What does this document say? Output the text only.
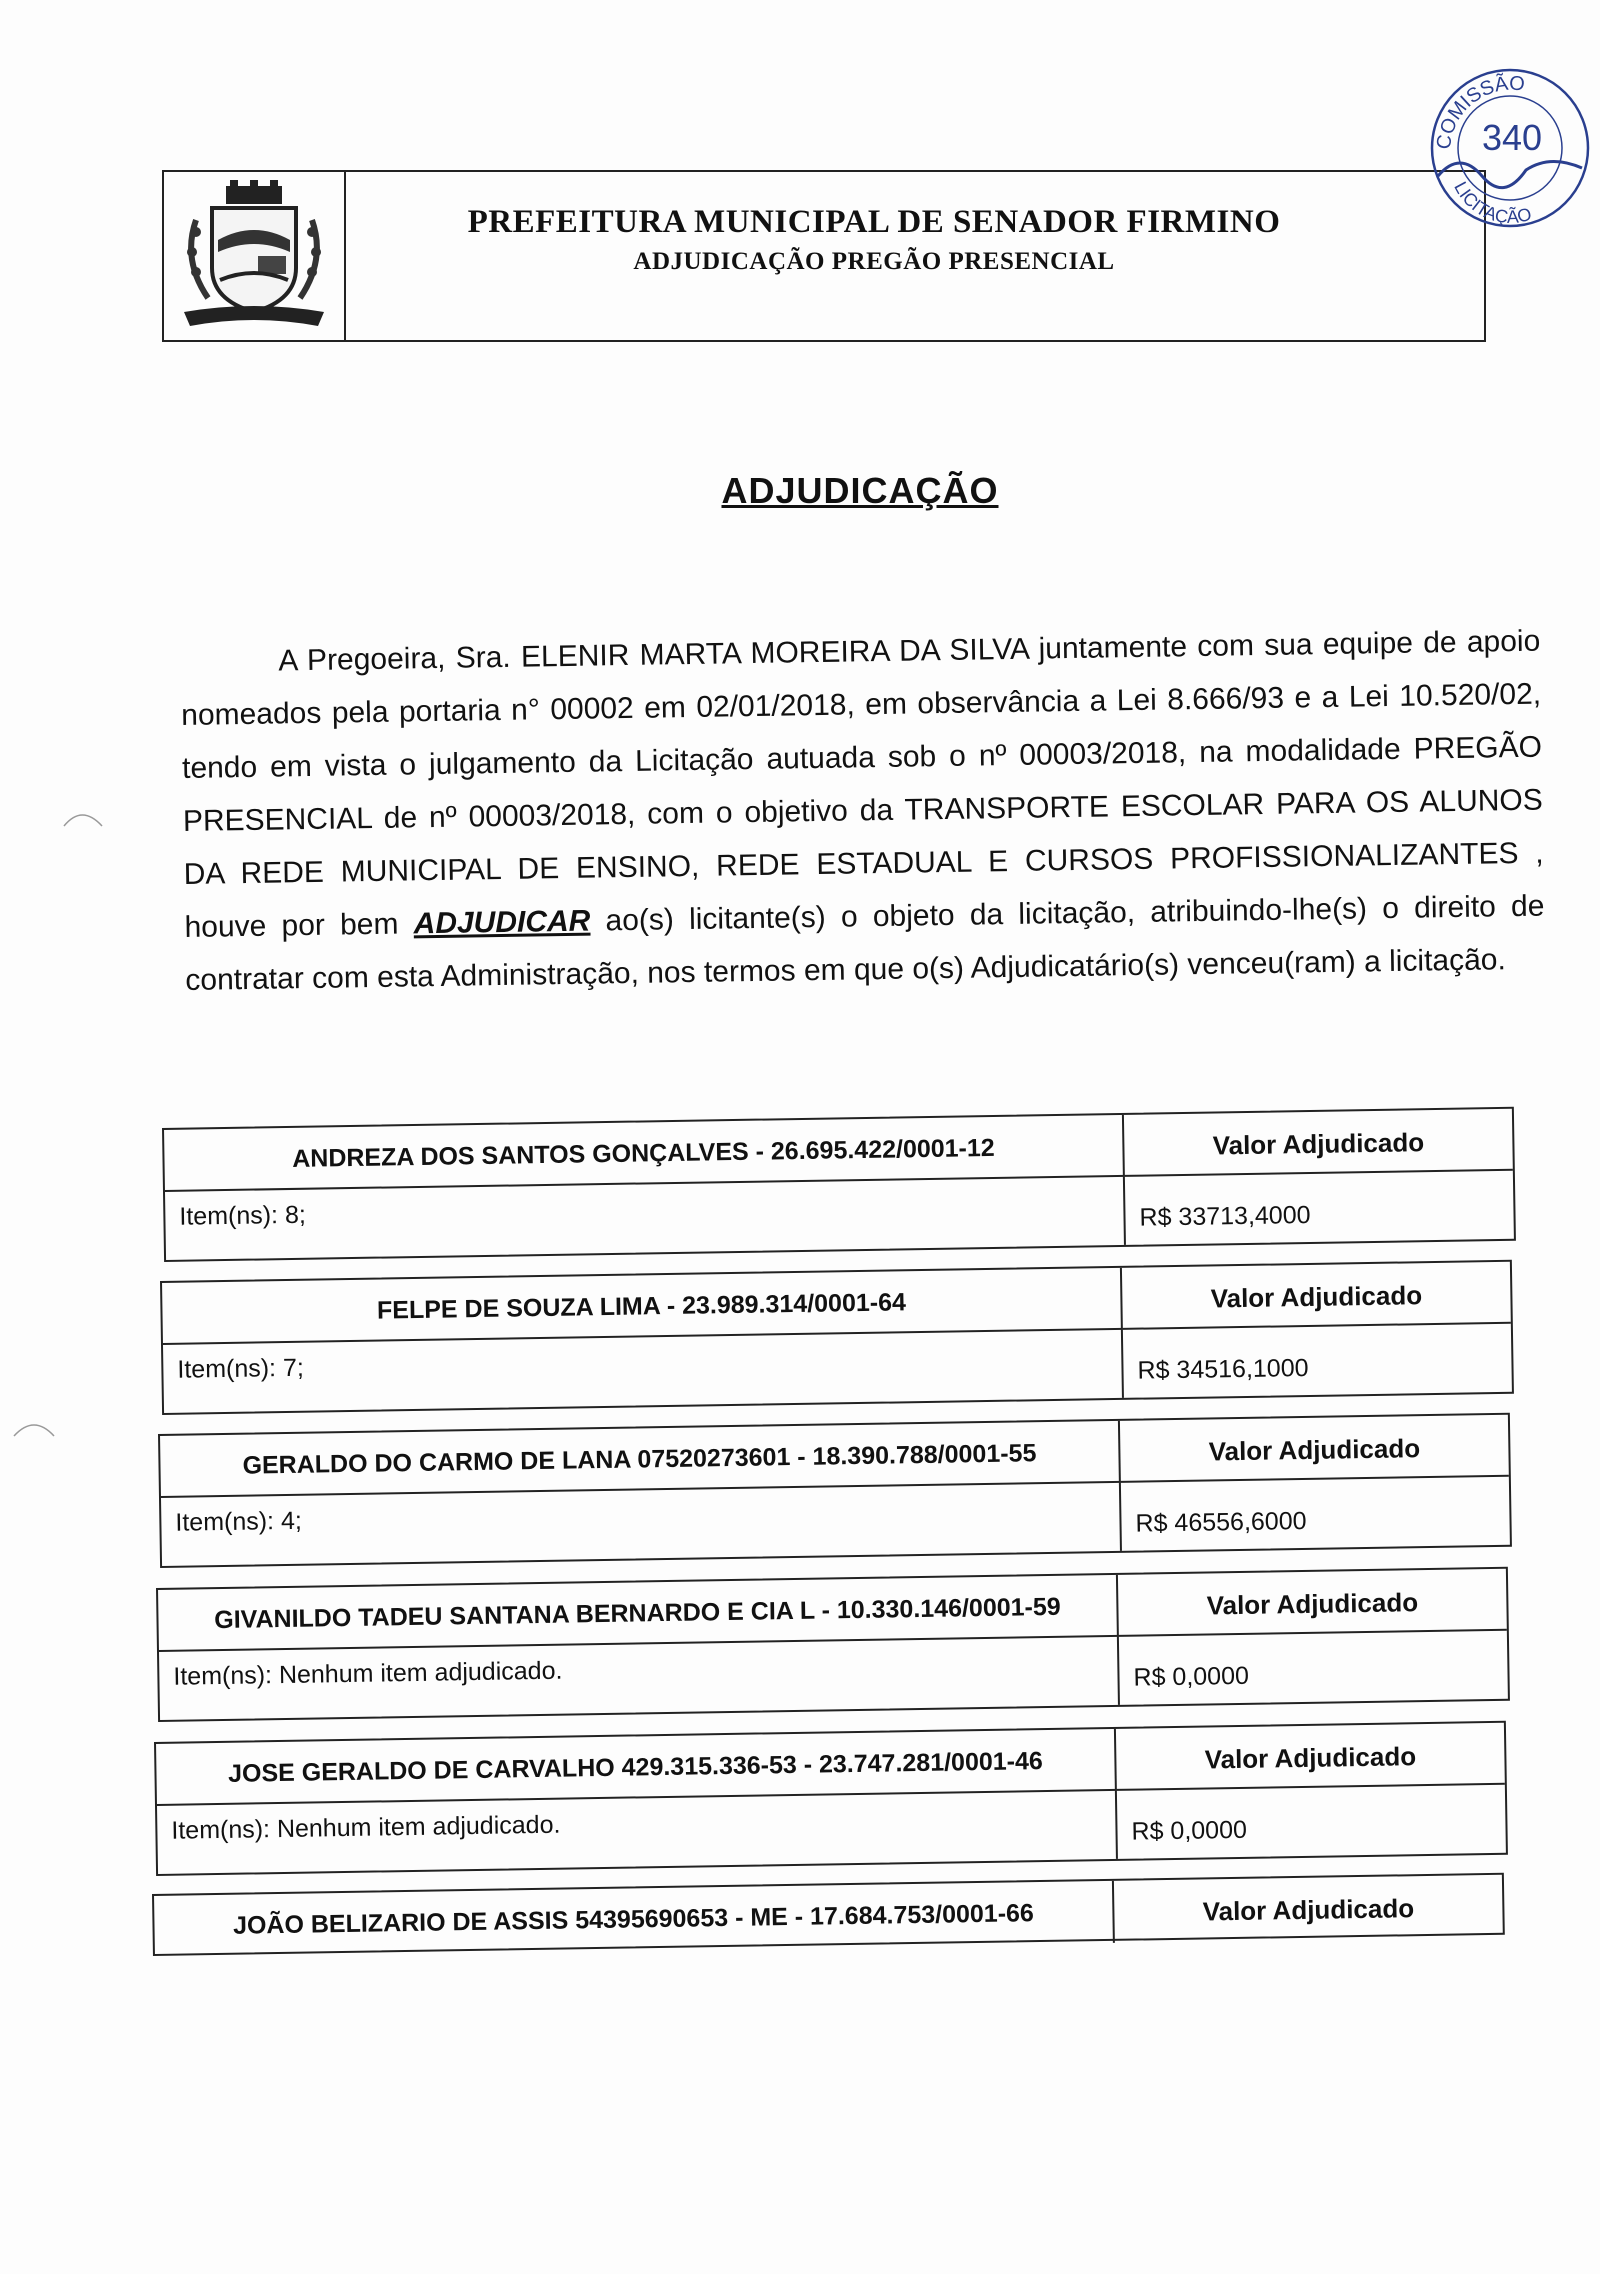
PREFEITURA MUNICIPAL DE SENADOR FIRMINO
ADJUDICAÇÃO PREGÃO PRESENCIAL
COMISSÃO
340
LICITAÇÃO
ADJUDICAÇÃO
A Pregoeira, Sra. ELENIR MARTA MOREIRA DA SILVA juntamente com sua equipe de apoio nomeados pela portaria n° 00002 em 02/01/2018, em observância a Lei 8.666/93 e a Lei 10.520/02, tendo em vista o julgamento da Licitação autuada sob o nº 00003/2018, na modalidade PREGÃO PRESENCIAL de nº 00003/2018, com o objetivo da TRANSPORTE ESCOLAR PARA OS ALUNOS DA REDE MUNICIPAL DE ENSINO, REDE ESTADUAL E CURSOS PROFISSIONALIZANTES , houve por bem ADJUDICAR ao(s) licitante(s) o objeto da licitação, atribuindo-lhe(s) o direito de contratar com esta Administração, nos termos em que o(s) Adjudicatário(s) venceu(ram) a licitação.
ANDREZA DOS SANTOS GONÇALVES - 26.695.422/0001-12	Valor Adjudicado
Item(ns): 8;	R$ 33713,4000
FELPE DE SOUZA LIMA - 23.989.314/0001-64	Valor Adjudicado
Item(ns): 7;	R$ 34516,1000
GERALDO DO CARMO DE LANA 07520273601 - 18.390.788/0001-55	Valor Adjudicado
Item(ns): 4;	R$ 46556,6000
GIVANILDO TADEU SANTANA BERNARDO E CIA L - 10.330.146/0001-59	Valor Adjudicado
Item(ns): Nenhum item adjudicado.	R$ 0,0000
JOSE GERALDO DE CARVALHO 429.315.336-53 - 23.747.281/0001-46	Valor Adjudicado
Item(ns): Nenhum item adjudicado.	R$ 0,0000
JOÃO BELIZARIO DE ASSIS 54395690653 - ME - 17.684.753/0001-66	Valor Adjudicado
